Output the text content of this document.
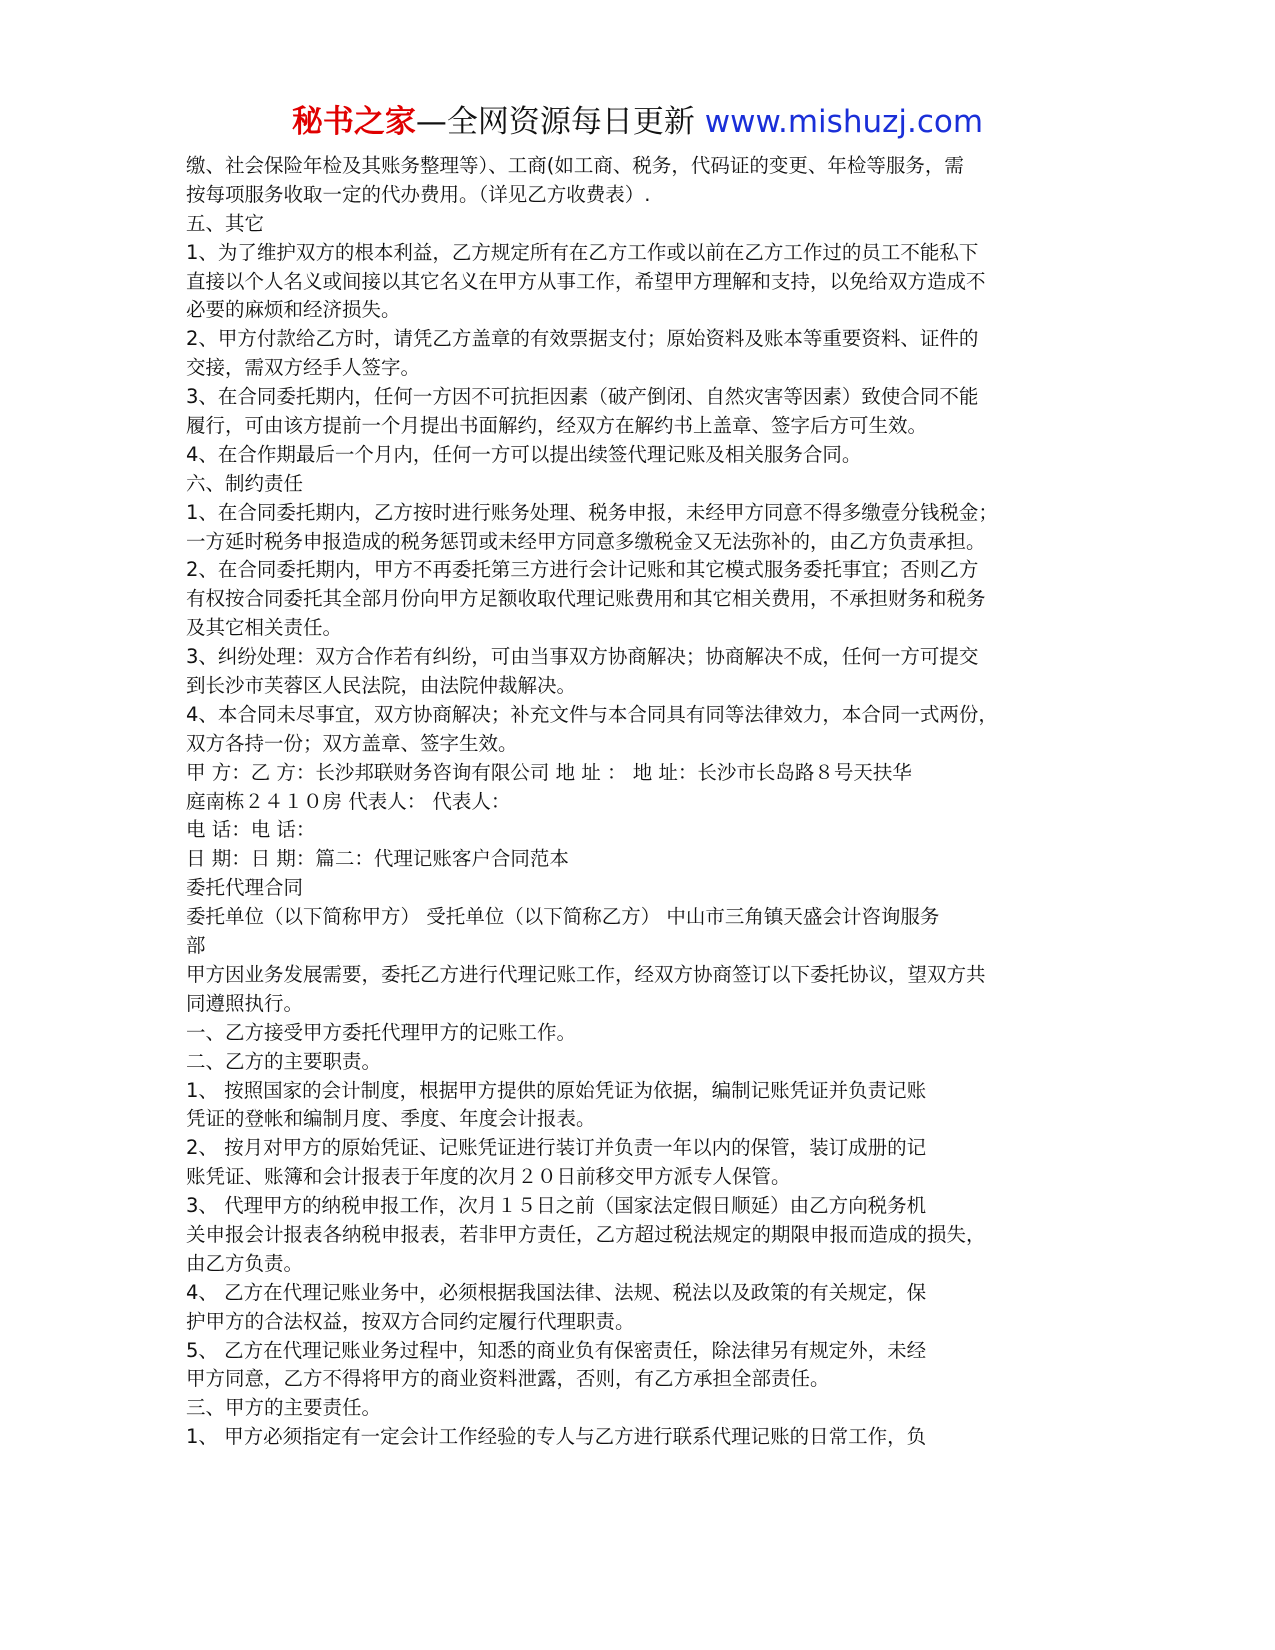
秘书之家—全网资源每日更新 www.mishuzj.com
缴、社会保险年检及其账务整理等）、工商(如工商、税务，代码证的变更、年检等服务，需
按每项服务收取一定的代办费用。（详见乙方收费表）.
五、其它
1、为了维护双方的根本利益，乙方规定所有在乙方工作或以前在乙方工作过的员工不能私下
直接以个人名义或间接以其它名义在甲方从事工作，希望甲方理解和支持，以免给双方造成不
必要的麻烦和经济损失。
2、甲方付款给乙方时，请凭乙方盖章的有效票据支付；原始资料及账本等重要资料、证件的
交接，需双方经手人签字。
3、在合同委托期内，任何一方因不可抗拒因素（破产倒闭、自然灾害等因素）致使合同不能
履行，可由该方提前一个月提出书面解约，经双方在解约书上盖章、签字后方可生效。
4、在合作期最后一个月内，任何一方可以提出续签代理记账及相关服务合同。
六、制约责任
1、在合同委托期内，乙方按时进行账务处理、税务申报，未经甲方同意不得多缴壹分钱税金；
一方延时税务申报造成的税务惩罚或未经甲方同意多缴税金又无法弥补的，由乙方负责承担。
2、在合同委托期内，甲方不再委托第三方进行会计记账和其它模式服务委托事宜；否则乙方
有权按合同委托其全部月份向甲方足额收取代理记账费用和其它相关费用，不承担财务和税务
及其它相关责任。
3、纠纷处理：双方合作若有纠纷，可由当事双方协商解决；协商解决不成，任何一方可提交
到长沙市芙蓉区人民法院，由法院仲裁解决。
4、本合同未尽事宜，双方协商解决；补充文件与本合同具有同等法律效力，本合同一式两份，
双方各持一份；双方盖章、签字生效。
甲 方：乙 方：长沙邦联财务咨询有限公司 地 址 ： 地 址：长沙市长岛路８号天扶华
庭南栋２４１０房 代表人： 代表人：
电 话：电 话：
日 期：日 期：篇二：代理记账客户合同范本
委托代理合同
委托单位（以下简称甲方） 受托单位（以下简称乙方） 中山市三角镇天盛会计咨询服务
部
甲方因业务发展需要，委托乙方进行代理记账工作，经双方协商签订以下委托协议，望双方共
同遵照执行。
一、乙方接受甲方委托代理甲方的记账工作。
二、乙方的主要职责。
1、 按照国家的会计制度，根据甲方提供的原始凭证为依据，编制记账凭证并负责记账
凭证的登帐和编制月度、季度、年度会计报表。
2、 按月对甲方的原始凭证、记账凭证进行装订并负责一年以内的保管，装订成册的记
账凭证、账簿和会计报表于年度的次月２０日前移交甲方派专人保管。
3、 代理甲方的纳税申报工作，次月１５日之前（国家法定假日顺延）由乙方向税务机
关申报会计报表各纳税申报表，若非甲方责任，乙方超过税法规定的期限申报而造成的损失，
由乙方负责。
4、 乙方在代理记账业务中，必须根据我国法律、法规、税法以及政策的有关规定，保
护甲方的合法权益，按双方合同约定履行代理职责。
5、 乙方在代理记账业务过程中，知悉的商业负有保密责任，除法律另有规定外，未经
甲方同意，乙方不得将甲方的商业资料泄露，否则，有乙方承担全部责任。
三、甲方的主要责任。
1、 甲方必须指定有一定会计工作经验的专人与乙方进行联系代理记账的日常工作，负
